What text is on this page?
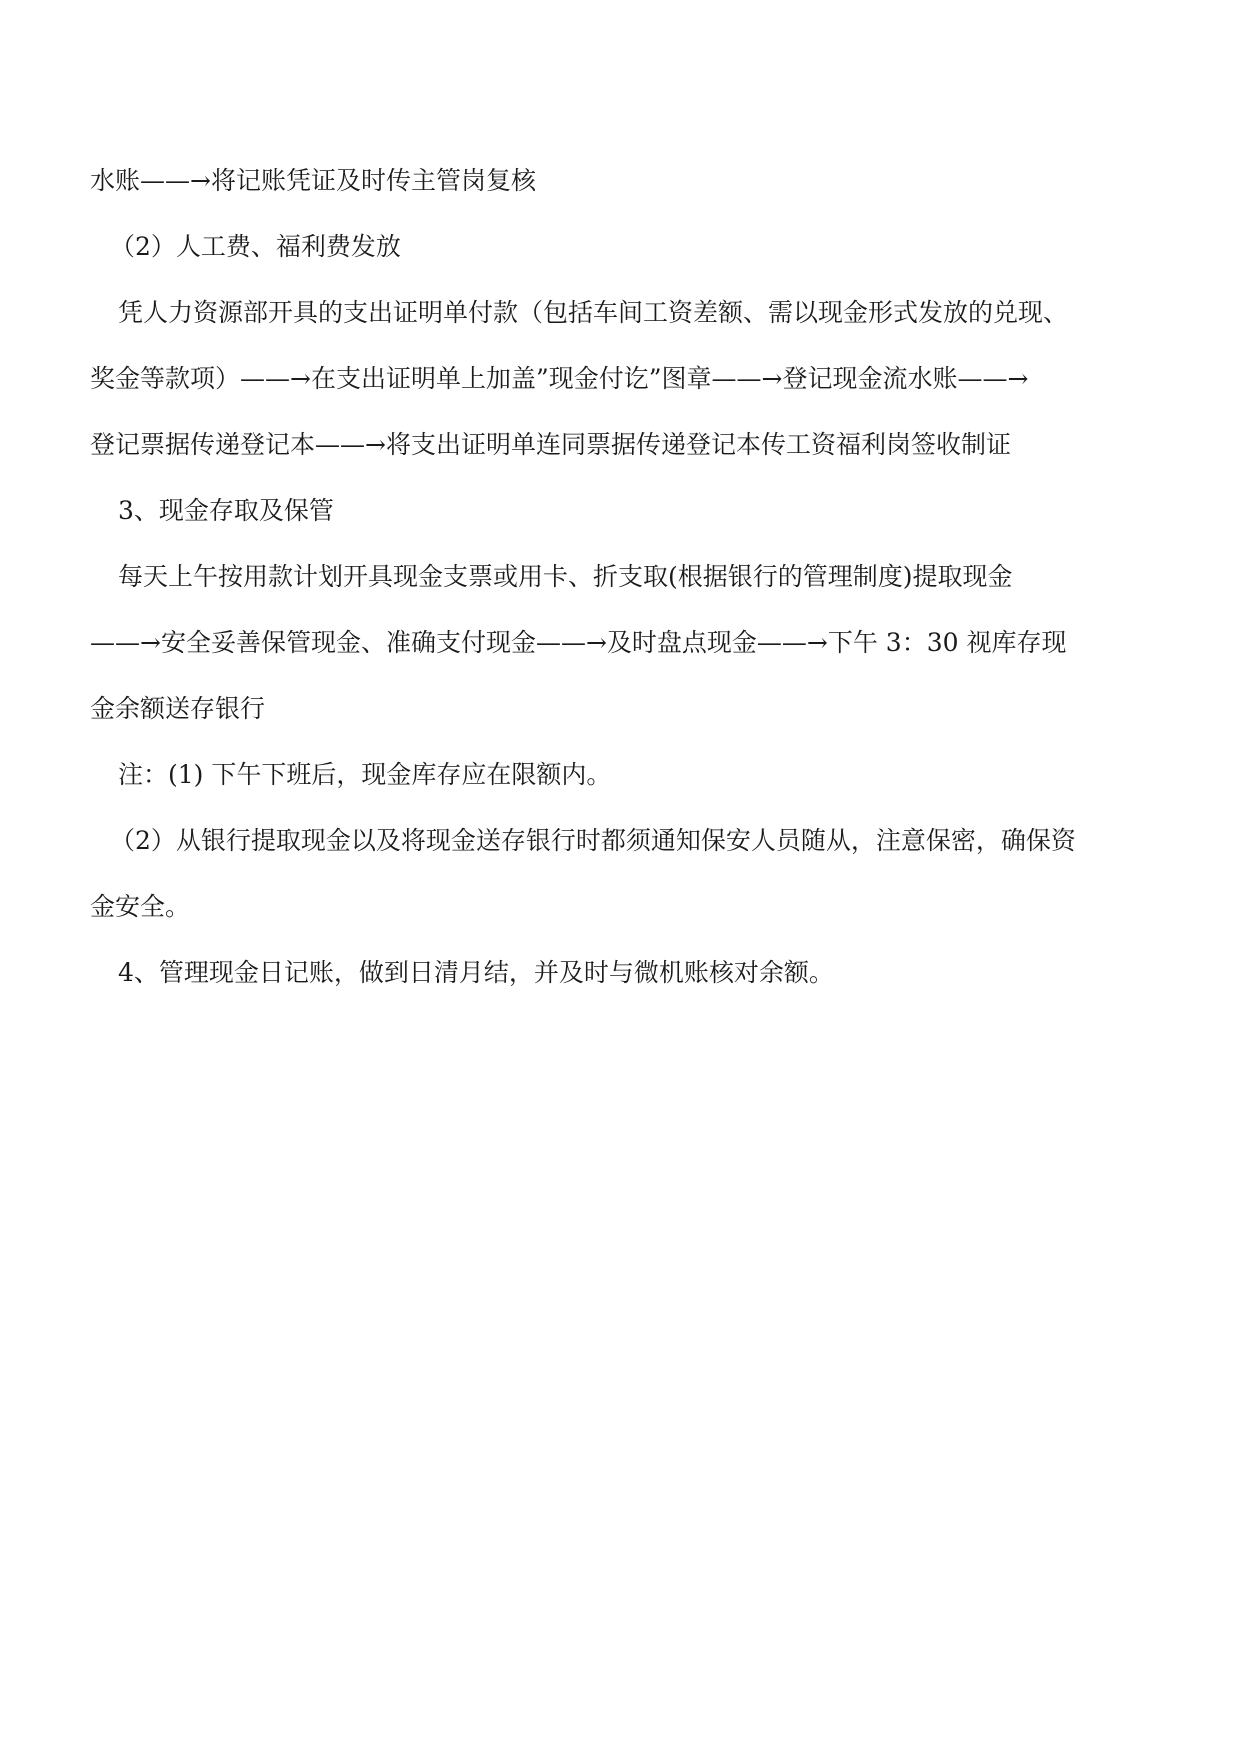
水账——→将记账凭证及时传主管岗复核
（2）人工费、福利费发放
凭人力资源部开具的支出证明单付款（包括车间工资差额、需以现金形式发放的兑现、
奖金等款项）——→在支出证明单上加盖”现金付讫”图章——→登记现金流水账——→
登记票据传递登记本——→将支出证明单连同票据传递登记本传工资福利岗签收制证
3、现金存取及保管
每天上午按用款计划开具现金支票或用卡、折支取(根据银行的管理制度)提取现金
——→安全妥善保管现金、准确支付现金——→及时盘点现金——→下午 3：30 视库存现
金余额送存银行
注：(1) 下午下班后，现金库存应在限额内。
（2）从银行提取现金以及将现金送存银行时都须通知保安人员随从，注意保密，确保资
金安全。
4、管理现金日记账，做到日清月结，并及时与微机账核对余额。
